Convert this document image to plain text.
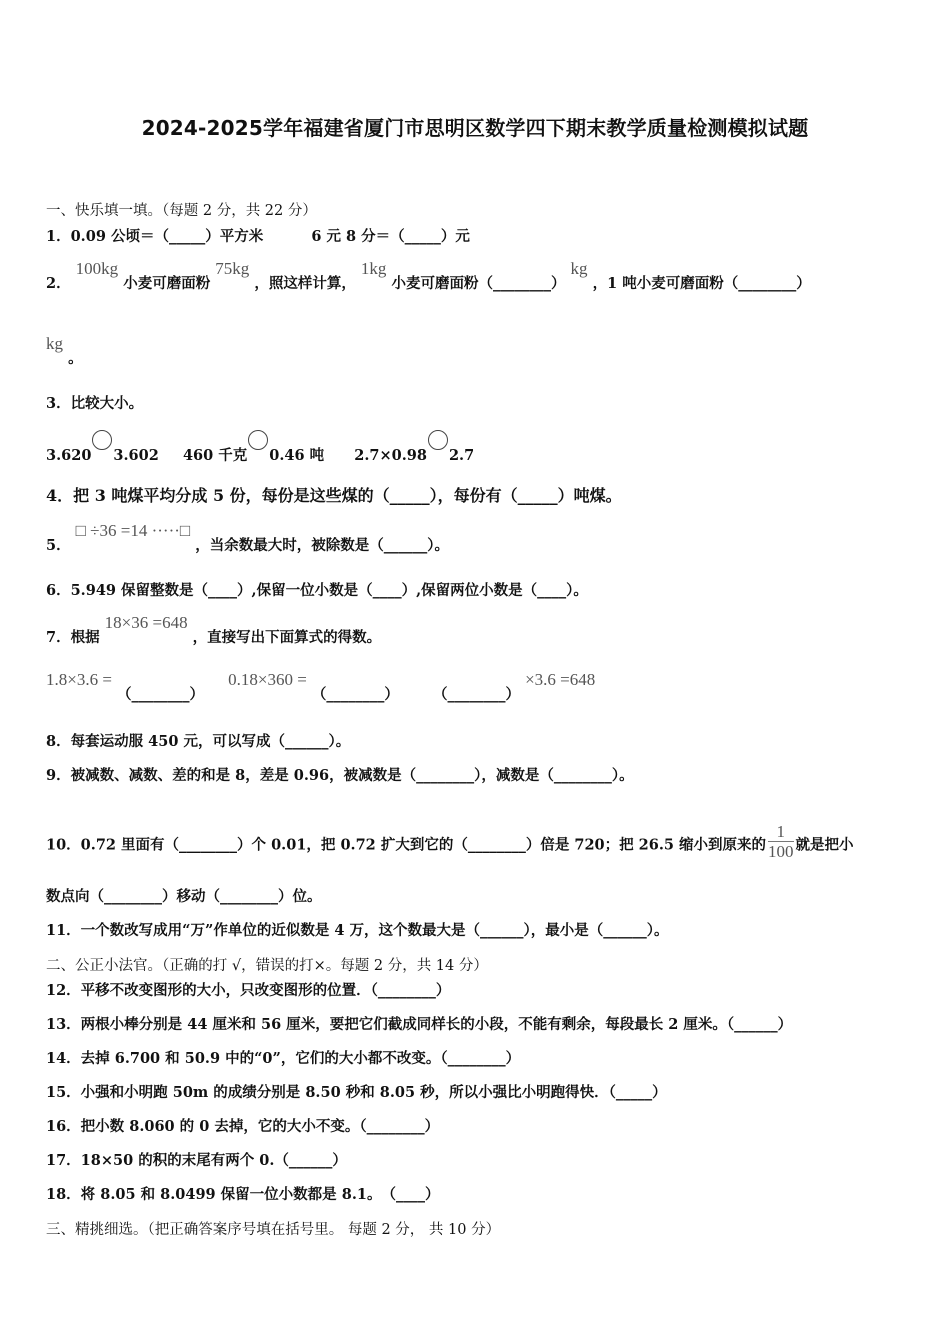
2024-2025学年福建省厦门市思明区数学四下期末教学质量检测模拟试题
一、快乐填一填。（每题 2 分，共 22 分）
1．0.09 公顷＝（_____）平方米	6 元 8 分＝（_____）元
2． 100kg 小麦可磨面粉 75kg ，照这样计算， 1kg 小麦可磨面粉（________） kg ，1 吨小麦可磨面粉（________）
kg 。
3．比较大小。
3.620 3.602 460 千克 0.46 吨 2.7×0.98 2.7
4．把 3 吨煤平均分成 5 份，每份是这些煤的（_____），每份有（_____）吨煤。
5． □ ÷36 =14 ·····□ ，当余数最大时，被除数是（______）。
6．5.949 保留整数是（____）,保留一位小数是（____）,保留两位小数是（____）。
7．根据 18×36 =648 ，直接写出下面算式的得数。
1.8×3.6 = （________）  0.18×360 = （________） （________） ×3.6 =648
8．每套运动服 450 元，可以写成（______）。
9．被减数、减数、差的和是 8，差是 0.96，被减数是（________），减数是（________）。
10．0.72 里面有（________）个 0.01，把 0.72 扩大到它的（________）倍是 720；把 26.5 缩小到原来的 $\frac{1}{100}$ 就是把小
数点向（________）移动（________）位。
11．一个数改写成用“万”作单位的近似数是 4 万，这个数最大是（______），最小是（______）。
二、公正小法官。（正确的打 √，错误的打×。每题 2 分，共 14 分）
12．平移不改变图形的大小，只改变图形的位置．（________）
13．两根小棒分别是 44 厘米和 56 厘米，要把它们截成同样长的小段，不能有剩余，每段最长 2 厘米。（______）
14．去掉 6.700 和 50.9 中的“0”，它们的大小都不改变。（________）
15．小强和小明跑 50m 的成绩分别是 8.50 秒和 8.05 秒，所以小强比小明跑得快．（_____）
16．把小数 8.060 的 0 去掉，它的大小不变。（________）
17．18×50 的积的末尾有两个 0.（______）
18．将 8.05 和 8.0499 保留一位小数都是 8.1。　（____）
三、精挑细选。（把正确答案序号填在括号里。 每题 2 分， 共 10 分）
